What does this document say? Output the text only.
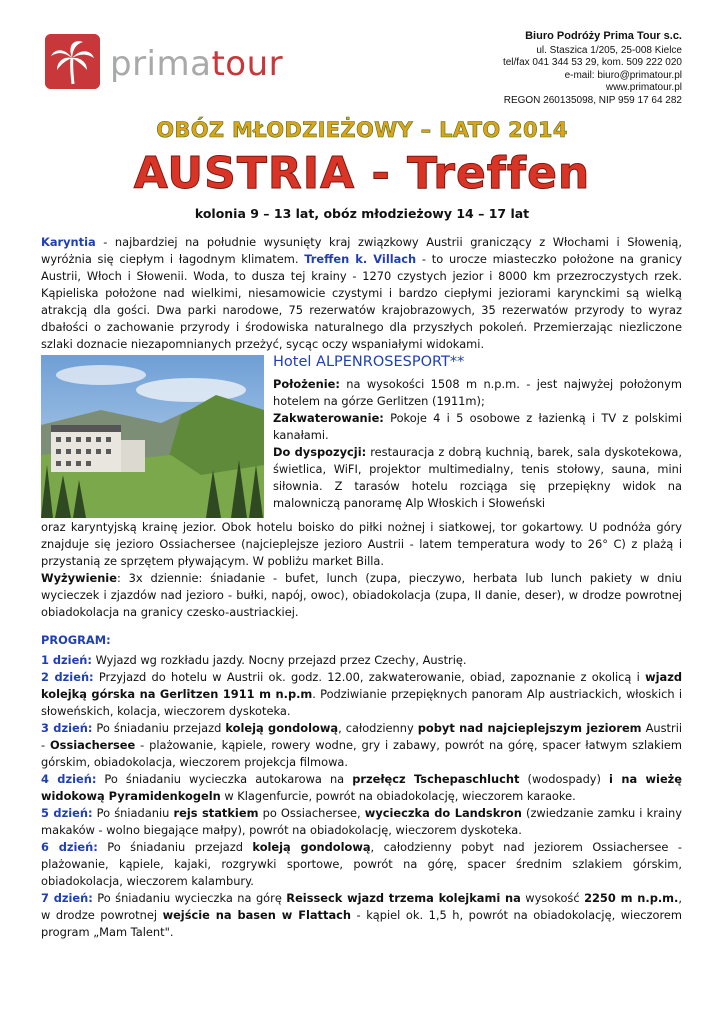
primatour
Biuro Podróży Prima Tour s.c.
ul. Staszica 1/205, 25-008 Kielce
tel/fax 041 344 53 29, kom. 509 222 020
e-mail: biuro@primatour.pl
www.primatour.pl
REGON 260135098, NIP 959 17 64 282
OBÓZ MŁODZIEŻOWY – LATO 2014
AUSTRIA - Treffen
kolonia 9 – 13 lat, obóz młodzieżowy 14 – 17 lat
Karyntia - najbardziej na południe wysunięty kraj związkowy Austrii graniczący z Włochami i Słowenią, wyróżnia się ciepłym i łagodnym klimatem. Treffen k. Villach - to urocze miasteczko położone na granicy Austrii, Włoch i Słowenii. Woda, to dusza tej krainy - 1270 czystych jezior i 8000 km przezroczystych rzek. Kąpieliska położone nad wielkimi, niesamowicie czystymi i bardzo ciepłymi jeziorami karynckimi są wielką atrakcją dla gości. Dwa parki narodowe, 75 rezerwatów krajobrazowych, 35 rezerwatów przyrody to wyraz dbałości o zachowanie przyrody i środowiska naturalnego dla przyszłych pokoleń. Przemierzając niezliczone szlaki doznacie niezapomnianych przeżyć, sycąc oczy wspaniałymi widokami.
Hotel ALPENROSESPORT**
Położenie: na wysokości 1508 m n.p.m. - jest najwyżej położonym hotelem na górze Gerlitzen (1911m);
Zakwaterowanie: Pokoje 4 i 5 osobowe z łazienką i TV z polskimi kanałami.
Do dyspozycji: restauracja z dobrą kuchnią, barek, sala dyskotekowa, świetlica, WiFI, projektor multimedialny, tenis stołowy, sauna, mini siłownia. Z tarasów hotelu rozciąga się przepiękny widok na malowniczą panoramę Alp Włoskich i Słoweński
oraz karyntyjską krainę jezior. Obok hotelu boisko do piłki nożnej i siatkowej, tor gokartowy. U podnóża góry znajduje się jezioro Ossiachersee (najcieplejsze jezioro Austrii - latem temperatura wody to 26° C) z plażą i przystanią ze sprzętem pływającym. W pobliżu market Billa.
Wyżywienie: 3x dziennie: śniadanie - bufet, lunch (zupa, pieczywo, herbata lub lunch pakiety w dniu wycieczek i zjazdów nad jezioro - bułki, napój, owoc), obiadokolacja (zupa, II danie, deser), w drodze powrotnej obiadokolacja na granicy czesko-austriackiej.
PROGRAM:
1 dzień: Wyjazd wg rozkładu jazdy. Nocny przejazd przez Czechy, Austrię.
2 dzień: Przyjazd do hotelu w Austrii ok. godz. 12.00, zakwaterowanie, obiad, zapoznanie z okolicą i wjazd kolejką górska na Gerlitzen 1911 m n.p.m. Podziwianie przepięknych panoram Alp austriackich, włoskich i słoweńskich, kolacja, wieczorem dyskoteka.
3 dzień: Po śniadaniu przejazd koleją gondolową, całodzienny pobyt nad najcieplejszym jeziorem Austrii - Ossiachersee - plażowanie, kąpiele, rowery wodne, gry i zabawy, powrót na górę, spacer łatwym szlakiem górskim, obiadokolacja, wieczorem projekcja filmowa.
4 dzień: Po śniadaniu wycieczka autokarowa na przełęcz Tschepaschlucht (wodospady) i na wieżę widokową Pyramidenkogeln w Klagenfurcie, powrót na obiadokolację, wieczorem karaoke.
5 dzień: Po śniadaniu rejs statkiem po Ossiachersee, wycieczka do Landskron (zwiedzanie zamku i krainy makaków - wolno biegające małpy), powrót na obiadokolację, wieczorem dyskoteka.
6 dzień: Po śniadaniu przejazd koleją gondolową, całodzienny pobyt nad jeziorem Ossiachersee - plażowanie, kąpiele, kajaki, rozgrywki sportowe, powrót na górę, spacer średnim szlakiem górskim, obiadokolacja, wieczorem kalambury.
7 dzień: Po śniadaniu wycieczka na górę Reisseck wjazd trzema kolejkami na wysokość 2250 m n.p.m., w drodze powrotnej wejście na basen w Flattach - kąpiel ok. 1,5 h, powrót na obiadokolację, wieczorem program „Mam Talent".
